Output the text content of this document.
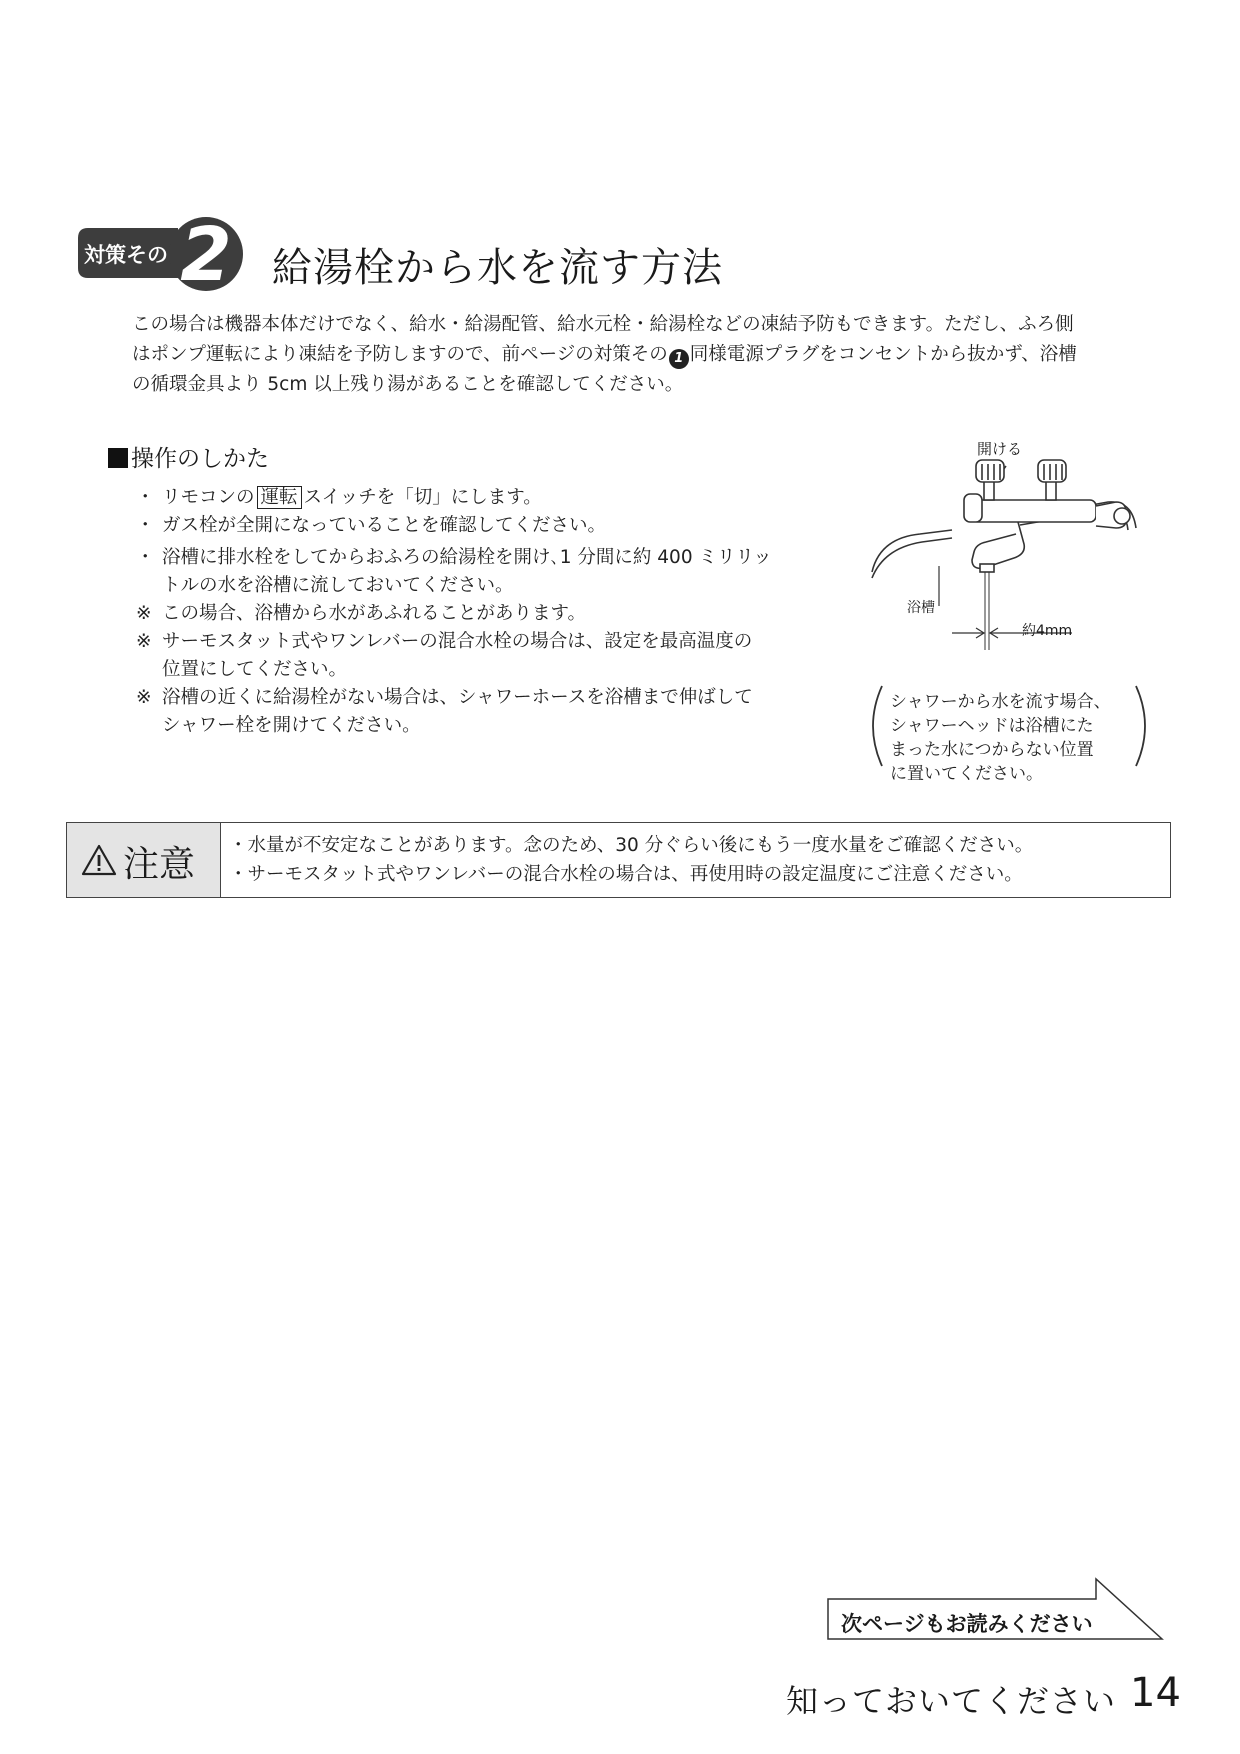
対策その 2 給湯栓から水を流す方法

この場合は機器本体だけでなく、給水・給湯配管、給水元栓・給湯栓などの凍結予防もできます。ただし、ふろ側

はポンプ運転により凍結を予防しますので、前ページの対策その 1 同様電源プラグをコンセントから抜かず、浴槽

の循環金具より 5cm 以上残り湯があることを確認してください。

操作のしかた

・ リモコンの 運転 スイッチを「切」にします。

・ ガス栓が全開になっていることを確認してください。

・ 浴槽に排水栓をしてからおふろの給湯栓を開け､1 分間に約 400 ミリリッ

トルの水を浴槽に流しておいてください。

※ この場合、浴槽から水があふれることがあります。

※ サーモスタット式やワンレバーの混合水栓の場合は、設定を最高温度の

位置にしてください。

※ 浴槽の近くに給湯栓がない場合は、シャワーホースを浴槽まで伸ばして

シャワー栓を開けてください。

開ける
浴槽
約4mm

シャワーから水を流す場合、

シャワーヘッドは浴槽にた

まった水につからない位置

に置いてください。

注意 ・水量が不安定なことがあります。念のため、30 分ぐらい後にもう一度水量をご確認ください。

・サーモスタット式やワンレバーの混合水栓の場合は、再使用時の設定温度にご注意ください。

次ページもお読みください
知っておいてください 14
